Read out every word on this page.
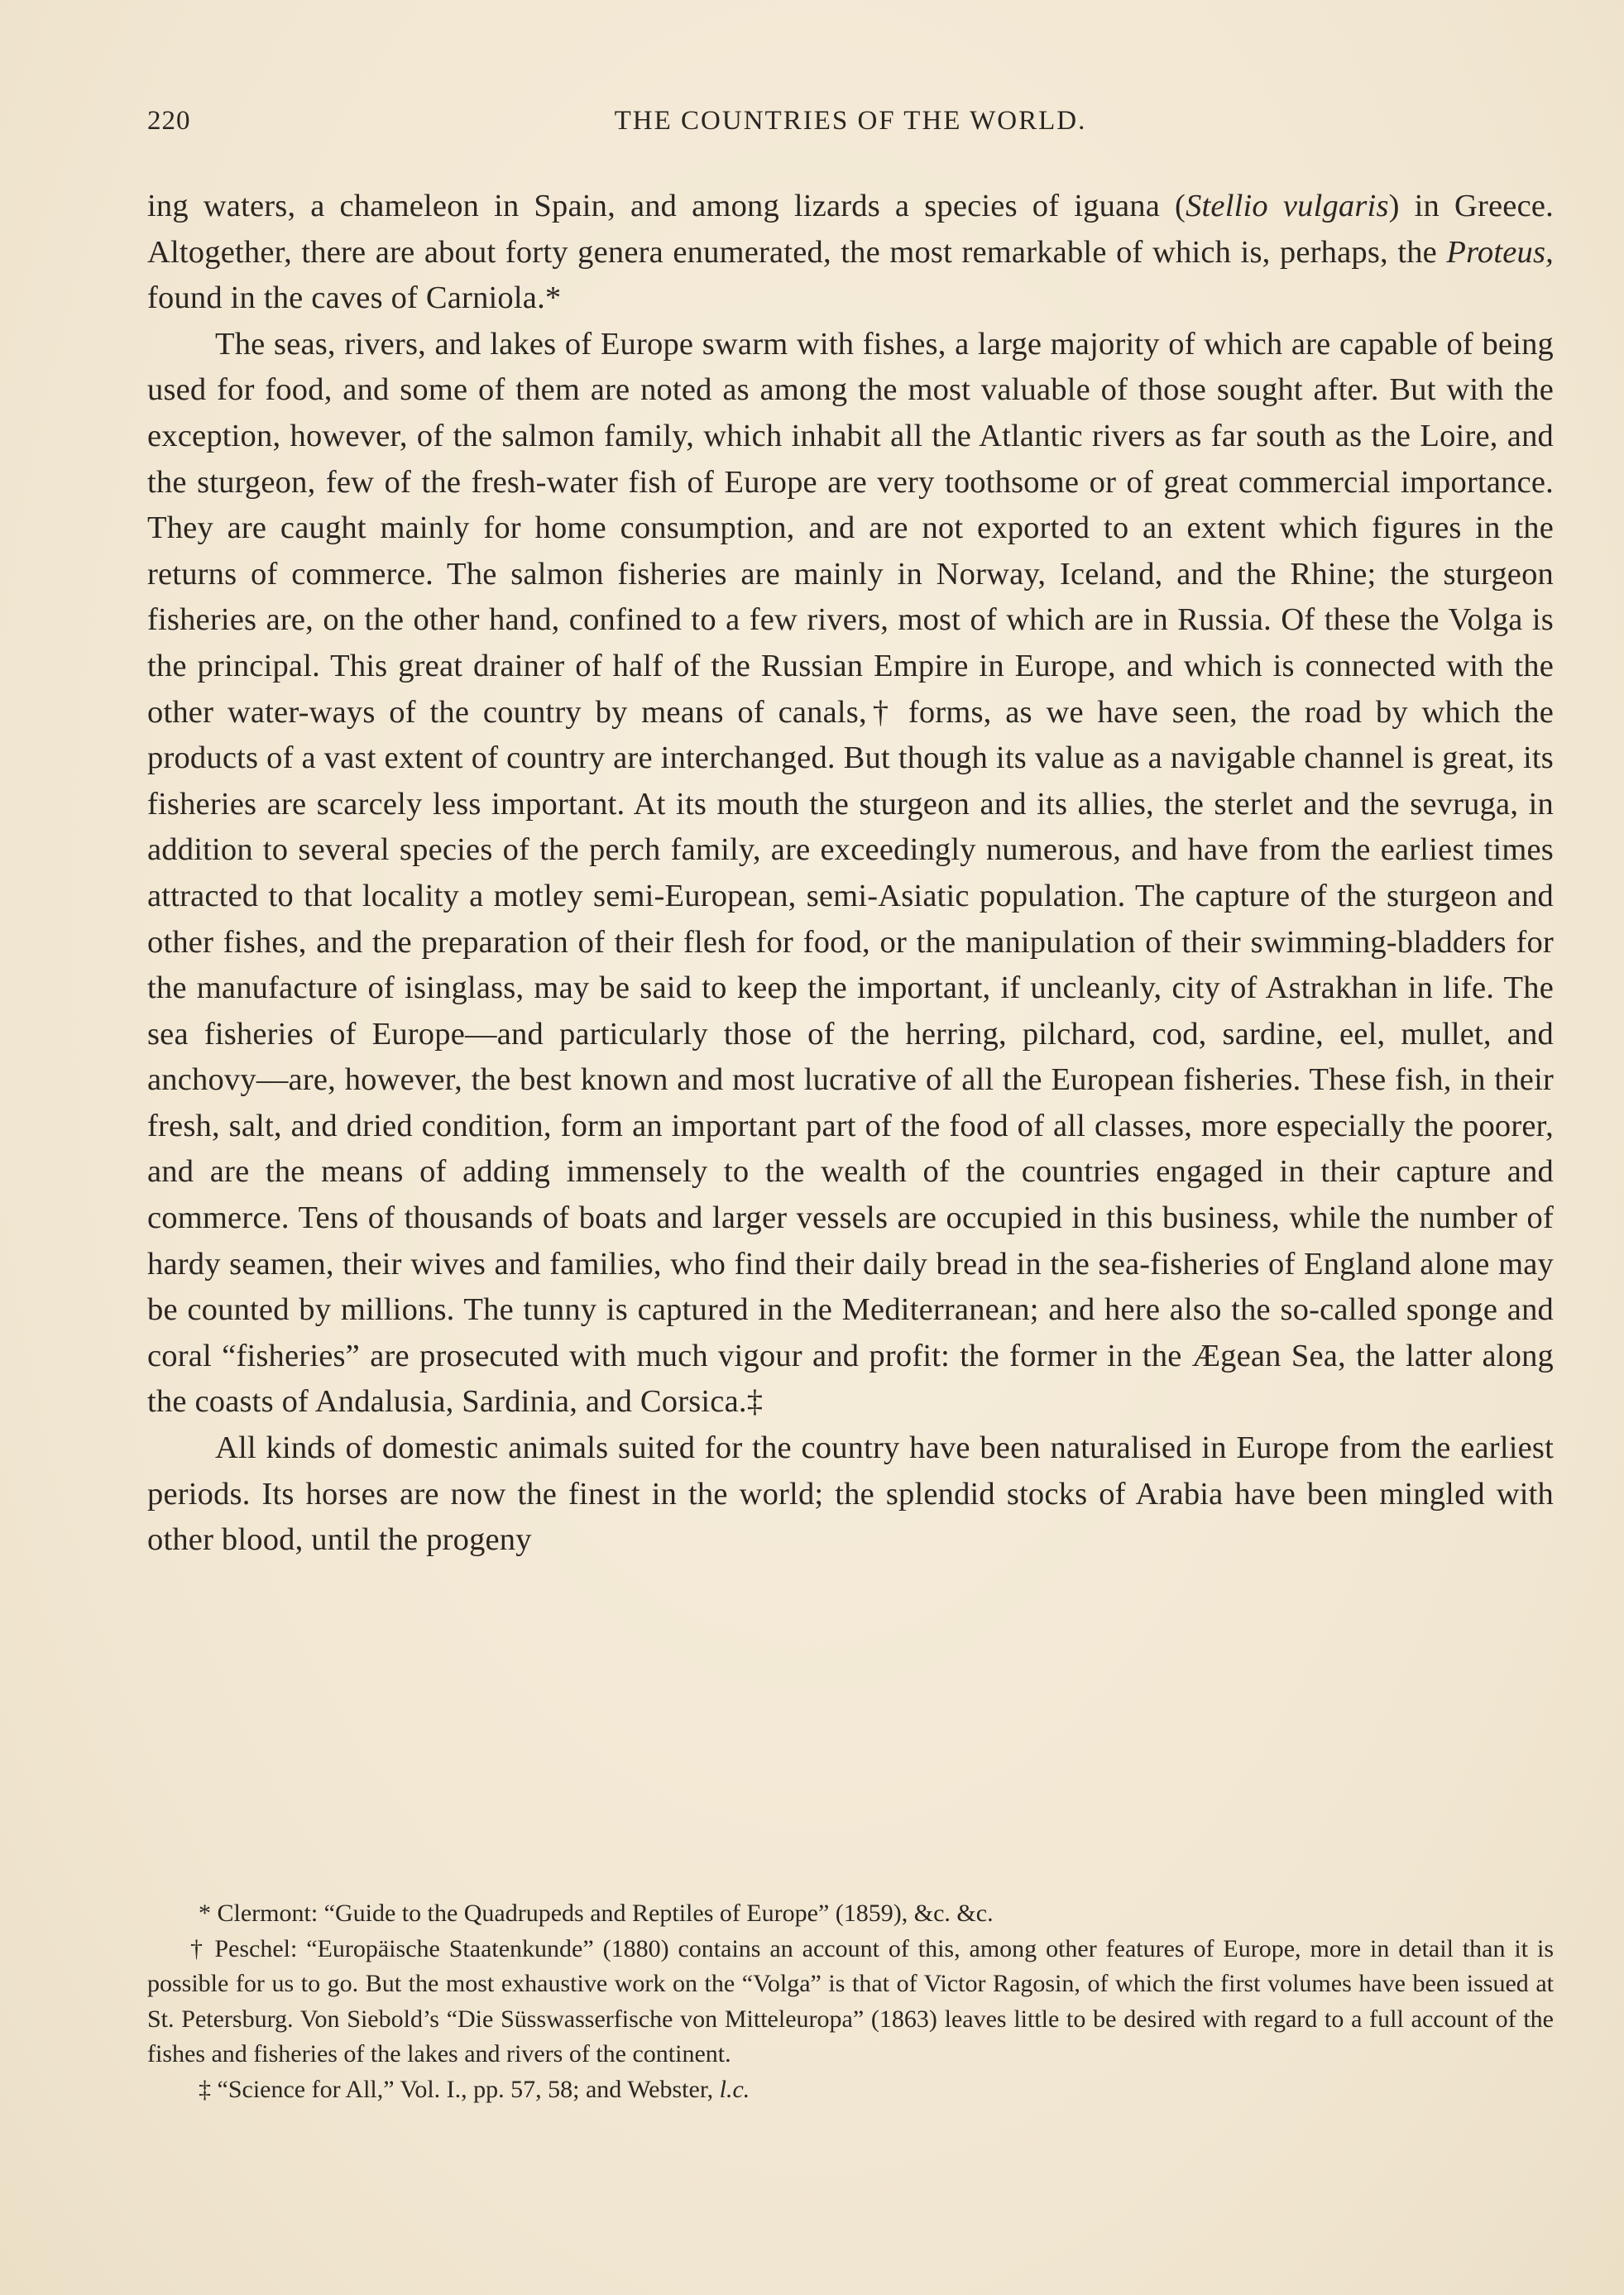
220	THE COUNTRIES OF THE WORLD.

ing waters, a chameleon in Spain, and among lizards a species of iguana (Stellio vulgaris) in Greece. Altogether, there are about forty genera enumerated, the most remarkable of which is, perhaps, the Proteus, found in the caves of Carniola.*

The seas, rivers, and lakes of Europe swarm with fishes, a large majority of which are capable of being used for food, and some of them are noted as among the most valuable of those sought after. But with the exception, however, of the salmon family, which inhabit all the Atlantic rivers as far south as the Loire, and the sturgeon, few of the fresh-water fish of Europe are very toothsome or of great commercial importance. They are caught mainly for home consumption, and are not exported to an extent which figures in the returns of commerce. The salmon fisheries are mainly in Norway, Iceland, and the Rhine; the sturgeon fisheries are, on the other hand, confined to a few rivers, most of which are in Russia. Of these the Volga is the principal. This great drainer of half of the Russian Empire in Europe, and which is connected with the other water-ways of the country by means of canals,† forms, as we have seen, the road by which the products of a vast extent of country are interchanged. But though its value as a navigable channel is great, its fisheries are scarcely less important. At its mouth the sturgeon and its allies, the sterlet and the sevruga, in addition to several species of the perch family, are exceedingly numerous, and have from the earliest times attracted to that locality a motley semi-European, semi-Asiatic population. The capture of the sturgeon and other fishes, and the preparation of their flesh for food, or the manipulation of their swimming-bladders for the manufacture of isinglass, may be said to keep the important, if uncleanly, city of Astrakhan in life. The sea fisheries of Europe—and particularly those of the herring, pilchard, cod, sardine, eel, mullet, and anchovy—are, however, the best known and most lucrative of all the European fisheries. These fish, in their fresh, salt, and dried condition, form an important part of the food of all classes, more especially the poorer, and are the means of adding immensely to the wealth of the countries engaged in their capture and commerce. Tens of thousands of boats and larger vessels are occupied in this business, while the number of hardy seamen, their wives and families, who find their daily bread in the sea-fisheries of England alone may be counted by millions. The tunny is captured in the Mediterranean; and here also the so-called sponge and coral “fisheries” are prosecuted with much vigour and profit: the former in the Ægean Sea, the latter along the coasts of Andalusia, Sardinia, and Corsica.‡

All kinds of domestic animals suited for the country have been naturalised in Europe from the earliest periods. Its horses are now the finest in the world; the splendid stocks of Arabia have been mingled with other blood, until the progeny

* Clermont: “Guide to the Quadrupeds and Reptiles of Europe” (1859), &c. &c.

† Peschel: “Europäische Staatenkunde” (1880) contains an account of this, among other features of Europe, more in detail than it is possible for us to go. But the most exhaustive work on the “Volga” is that of Victor Ragosin, of which the first volumes have been issued at St. Petersburg. Von Siebold’s “Die Süsswasserfische von Mitteleuropa” (1863) leaves little to be desired with regard to a full account of the fishes and fisheries of the lakes and rivers of the continent.

‡ “Science for All,” Vol. I., pp. 57, 58; and Webster, l.c.
